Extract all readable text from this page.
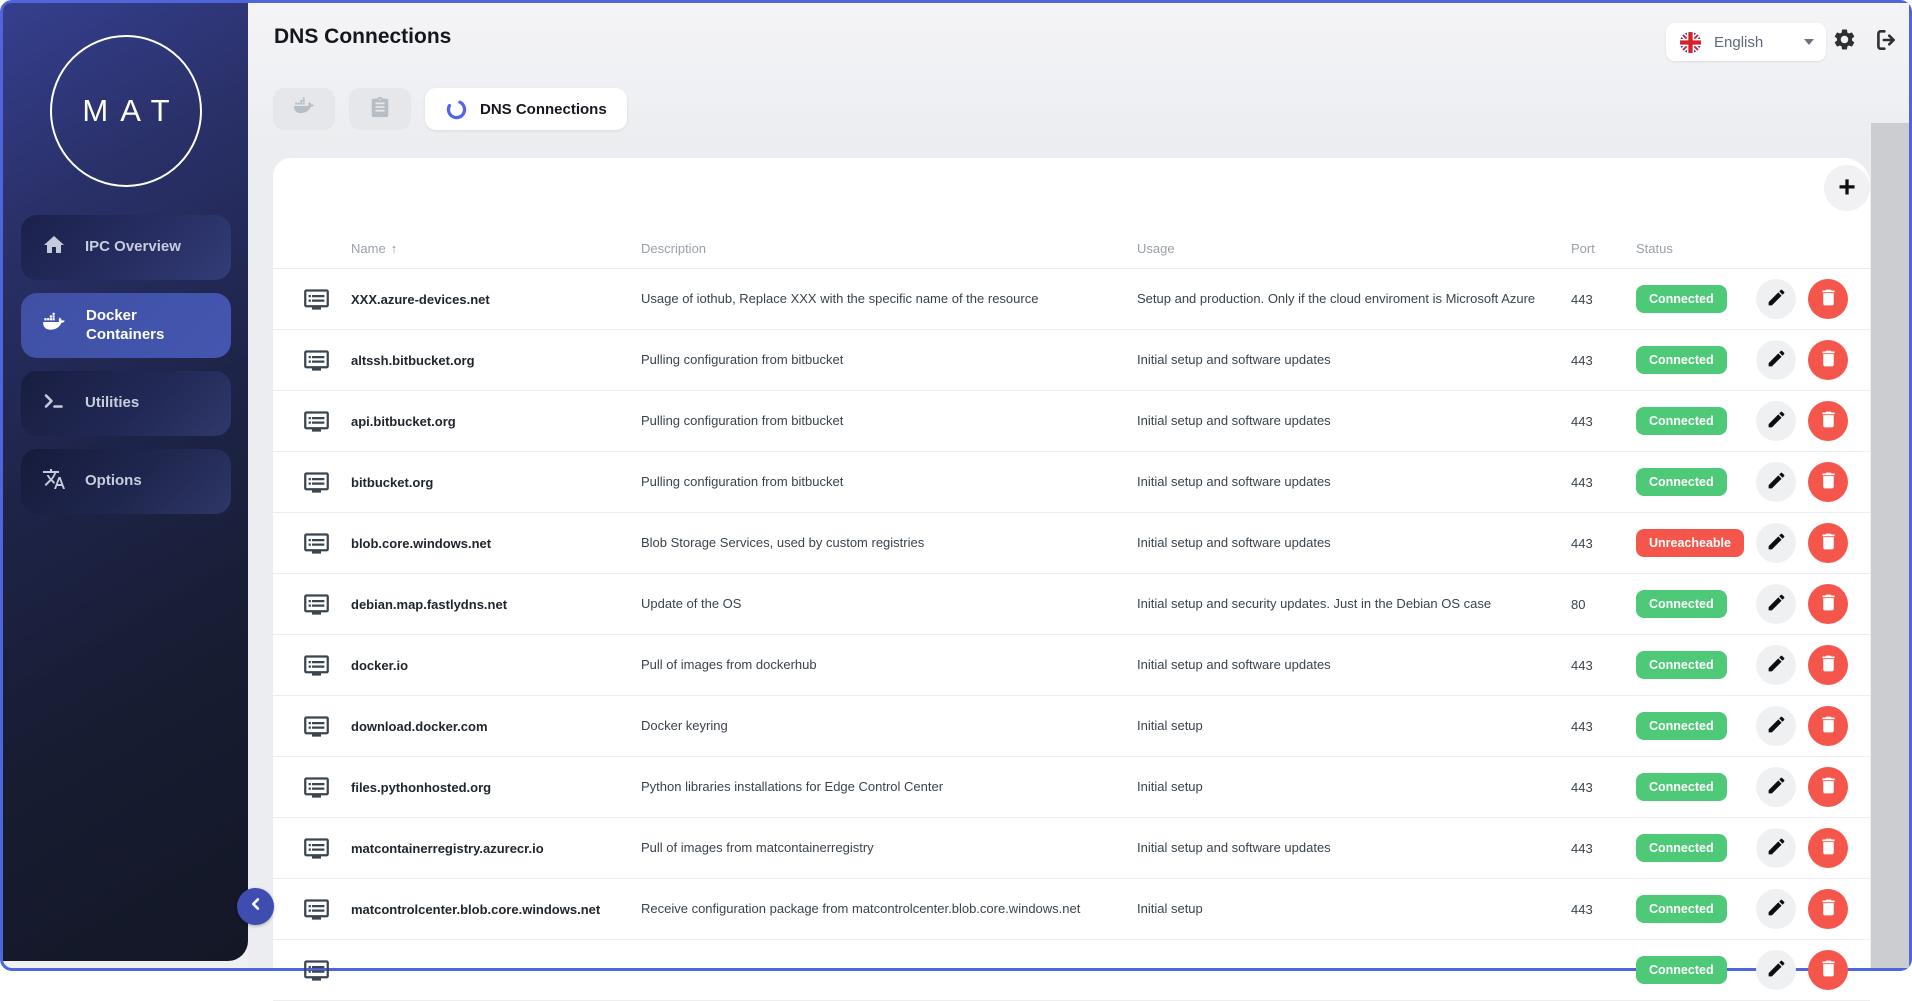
MAT
IPC Overview
Docker Containers
Utilities
Options
DNS Connections	English
DNS Connections
+
Name ↑	Description	Usage	Port	Status
XXX.azure-devices.net	Usage of iothub, Replace XXX with the specific name of the resource	Setup and production. Only if the cloud enviroment is Microsoft Azure	443	Connected
altssh.bitbucket.org	Pulling configuration from bitbucket	Initial setup and software updates	443	Connected
api.bitbucket.org	Pulling configuration from bitbucket	Initial setup and software updates	443	Connected
bitbucket.org	Pulling configuration from bitbucket	Initial setup and software updates	443	Connected
blob.core.windows.net	Blob Storage Services, used by custom registries	Initial setup and software updates	443	Unreacheable
debian.map.fastlydns.net	Update of the OS	Initial setup and security updates. Just in the Debian OS case	80	Connected
docker.io	Pull of images from dockerhub	Initial setup and software updates	443	Connected
download.docker.com	Docker keyring	Initial setup	443	Connected
files.pythonhosted.org	Python libraries installations for Edge Control Center	Initial setup	443	Connected
matcontainerregistry.azurecr.io	Pull of images from matcontainerregistry	Initial setup and software updates	443	Connected
matcontrolcenter.blob.core.windows.net	Receive configuration package from matcontrolcenter.blob.core.windows.net	Initial setup	443	Connected
Connected
